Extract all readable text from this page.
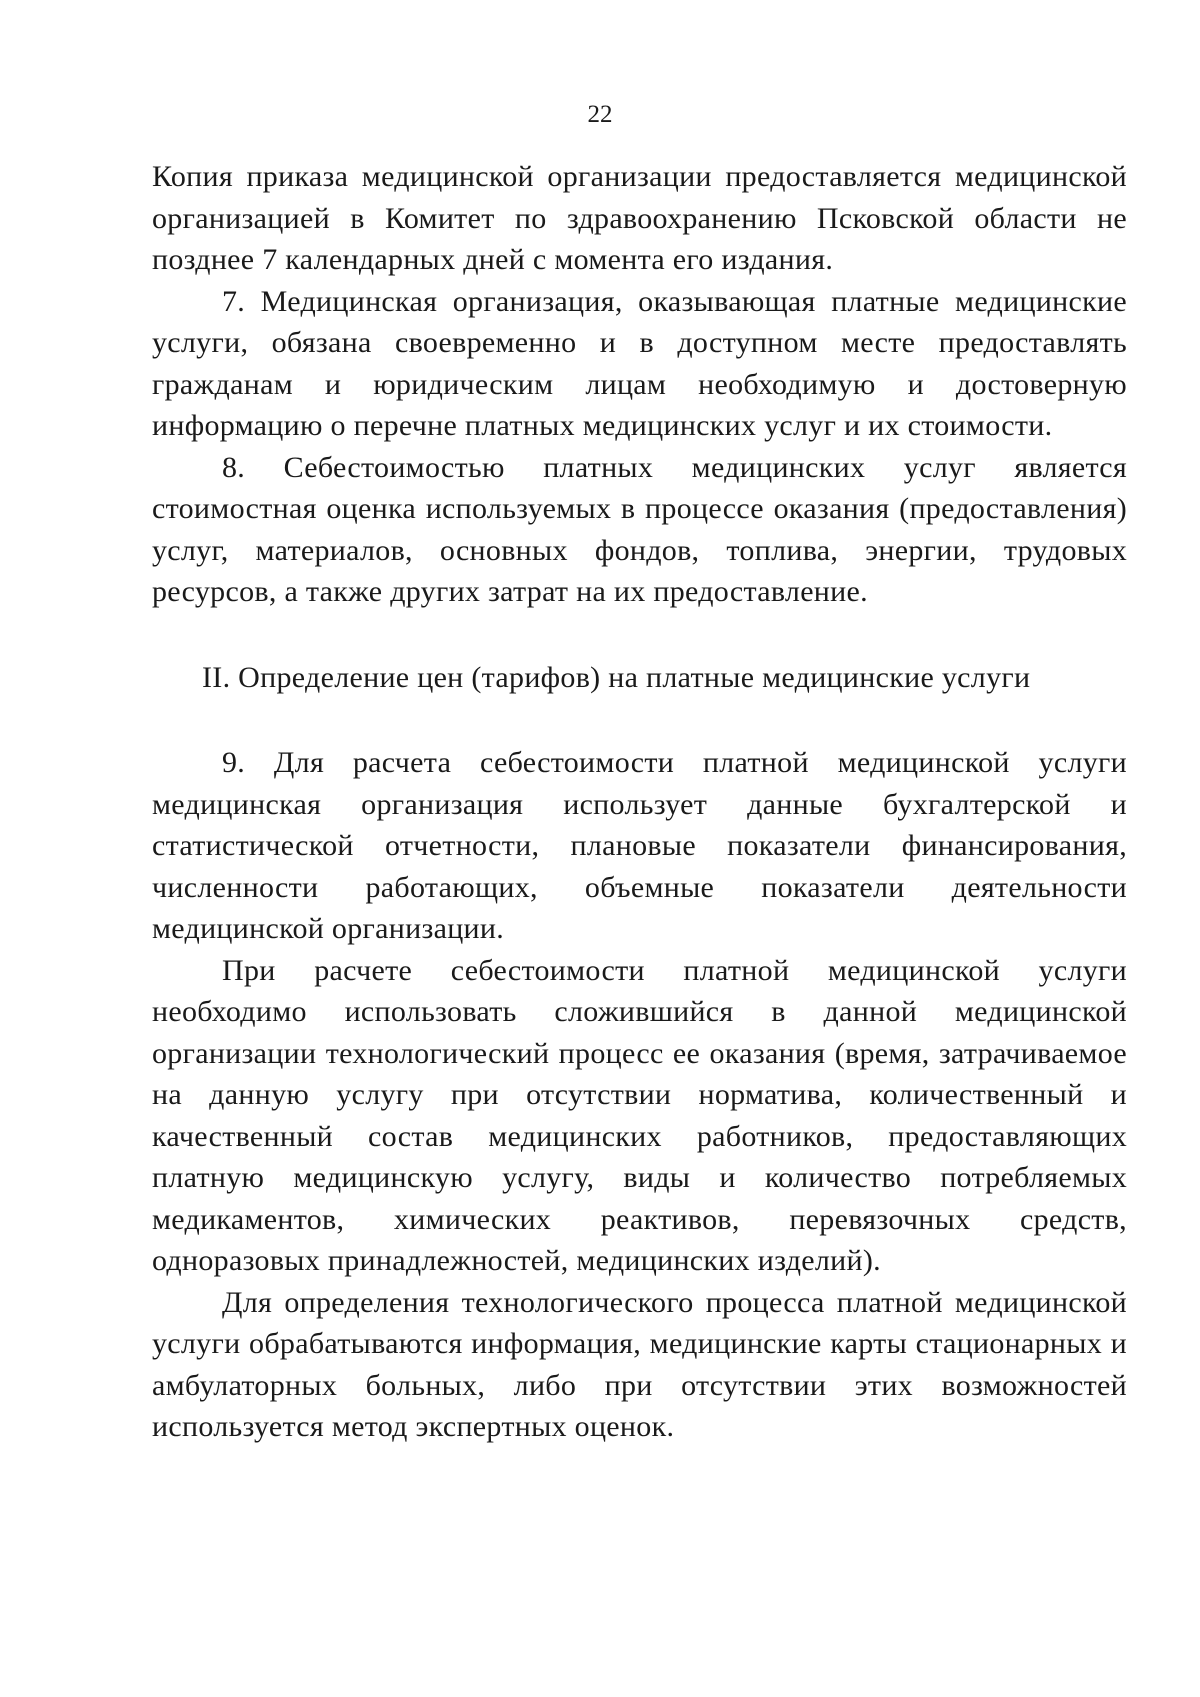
22

Копия приказа медицинской организации предоставляется медицинской организацией в Комитет по здравоохранению Псковской области не позднее 7 календарных дней с момента его издания.

7. Медицинская организация, оказывающая платные медицинские услуги, обязана своевременно и в доступном месте предоставлять гражданам и юридическим лицам необходимую и достоверную информацию о перечне платных медицинских услуг и их стоимости.

8. Себестоимостью платных медицинских услуг является стоимостная оценка используемых в процессе оказания (предоставления) услуг, материалов, основных фондов, топлива, энергии, трудовых ресурсов, а также других затрат на их предоставление.

II. Определение цен (тарифов) на платные медицинские услуги

9. Для расчета себестоимости платной медицинской услуги медицинская организация использует данные бухгалтерской и статистической отчетности, плановые показатели финансирования, численности работающих, объемные показатели деятельности медицинской организации.

При расчете себестоимости платной медицинской услуги необходимо использовать сложившийся в данной медицинской организации технологический процесс ее оказания (время, затрачиваемое на данную услугу при отсутствии норматива, количественный и качественный состав медицинских работников, предоставляющих платную медицинскую услугу, виды и количество потребляемых медикаментов, химических реактивов, перевязочных средств, одноразовых принадлежностей, медицинских изделий).

Для определения технологического процесса платной медицинской услуги обрабатываются информация, медицинские карты стационарных и амбулаторных больных, либо при отсутствии этих возможностей используется метод экспертных оценок.
